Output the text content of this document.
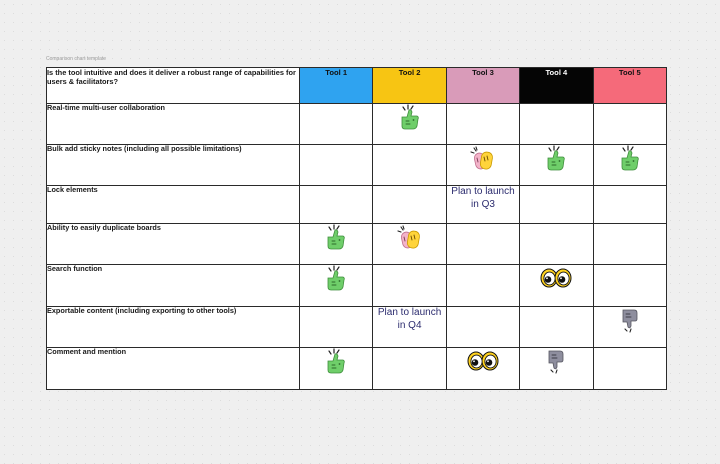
Comparison chart template
Is the tool intuitive and does it deliver a robust range of capabilities for users & facilitators?	Tool 1	Tool 2	Tool 3	Tool 4	Tool 5
Real-time multi-user collaboration					
Bulk add sticky notes (including all possible limitations)					
Lock elements			Plan to launch in Q3		
Ability to easily duplicate boards					
Search function					
Exportable content (including exporting to other tools)		Plan to launch in Q4			
Comment and mention					
